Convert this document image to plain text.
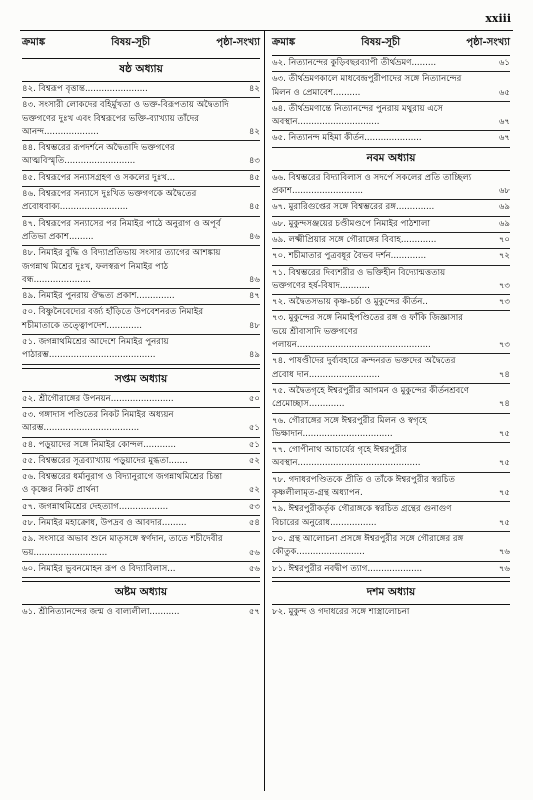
xxiii
ক্রমাঙ্ক	বিষয়-সূচী	পৃষ্ঠা-সংখ্যা
ষষ্ঠ অধ্যায়
৪২. বিশ্বরূপ বৃত্তান্ত.......................	৪২
৪৩. সংসারী লোকদের বহির্মুখতা ও ভক্ত-বিরূপতায় অদ্বৈতাদি ভক্তগণের দুঃখ এবং বিশ্বরূপের ভক্তি-ব্যাখ্যায় তাঁদের আনন্দ....................	৪২
৪৪. বিশ্বম্ভরের রূপদর্শনে অদ্বৈতাদি ভক্তগণের আত্মবিস্মৃতি..........................	৪৩
৪৫. বিশ্বরূপের সন্যাসগ্রহণ ও সকলের দুঃখ...	৪৫
৪৬. বিশ্বরূপের সন্যাসে দুঃখিত ভক্তগণকে অদ্বৈতের প্রবোধবাক্য.........................	৪৫
৪৭. বিশ্বরূপের সন্যাসের পর নিমাইর পাঠে অনুরাগ ও অপূর্ব প্রতিভা প্রকাশ.........	৪৬
৪৮. নিমাইর বুদ্ধি ও বিদ্যাপ্রতিভায় সংসার ত্যাগের আশঙ্কায় জগন্নাথ মিশ্রের দুঃখ, ফলস্বরূপ নিমাইর পাঠ বন্ধ.....................	৪৬
৪৯. নিমাইর পুনরায় ঔদ্ধত্য প্রকাশ..............	৪৭
৫০. বিষ্ণুনৈবেদ্যের বর্জ্য হাঁড়িতে উপবেশনরত নিমাইর শচীমাতাকে তত্ত্বোপদেশ.............	৪৮
৫১. জগন্নাথমিশ্রের আদেশে নিমাইর পুনরায় পাঠারম্ভ.......................................	৪৯
সপ্তম অধ্যায়
৫২. শ্রীগৌরাঙ্গের উপনয়ন.......................	৫০
৫৩. গঙ্গাদাস পণ্ডিতের নিকট নিমাইর অধ্যয়ন আরম্ভ...................................	৫১
৫৪. পড়ুয়াদের সঙ্গে নিমাইর কোন্দল............	৫১
৫৫. বিশ্বম্ভরের সূত্রব্যাখ্যায় পড়ুয়াদের মুগ্ধতা.......	৫২
৫৬. বিশ্বম্ভরের ধর্মানুরাগ ও বিদ্যানুরাগে জগন্নাথমিশ্রের চিন্তা ও কৃষ্ণের নিকট প্রার্থনা	৫২
৫৭. জগন্নাথমিশ্রের দেহত্যাগ..................	৫৩
৫৮. নিমাইর মহাক্রোধ, উপদ্রব ও আবদার.........	৫৪
৫৯. সংসারে অভাব শুনে মাতৃসঙ্গে স্বর্ণদান, তাতে শচীদেবীর ভয়...........................	৫৬
৬০. নিমাইর ভুবনমোহন রূপ ও বিদ্যাবিলাস...	৫৬
অষ্টম অধ্যায়
৬১. শ্রীনিত্যানন্দের জন্ম ও বাল্যলীলা...........	৫৭
ক্রমাঙ্ক	বিষয়-সূচী	পৃষ্ঠা-সংখ্যা
৬২. নিত্যানন্দের কুড়িবছরব্যাপী তীর্থভ্রমণ.........	৬১
৬৩. তীর্থভ্রমণকালে মাধবেন্দ্রপুরীপাদের সঙ্গে নিত্যানন্দের মিলন ও প্রেমাবেশ..........	৬৫
৬৪. তীর্থভ্রমণান্তে নিত্যানন্দের পুনরায় মথুরায় এসে অবস্থান..............................	৬৭
৬৫. নিত্যানন্দ মহিমা কীর্তন.....................	৬৭
নবম অধ্যায়
৬৬. বিশ্বম্ভরের বিদ্যাবিলাস ও সদর্পে সকলের প্রতি তাচ্ছিল্য প্রকাশ..........................	৬৮
৬৭. মুরারিগুপ্তের সঙ্গে বিশ্বম্ভরের রঙ্গ..............	৬৯
৬৮. মুকুন্দসঞ্জয়ের চণ্ডীমণ্ডপে নিমাইর পাঠশালা	৬৯
৬৯. লক্ষ্মীপ্রিয়ার সঙ্গে গৌরাঙ্গের বিবাহ.............	৭০
৭০. শচীমাতার পুত্রবধূর বৈভব দর্শন.............	৭২
৭১. বিশ্বম্ভরের দিব্যশরীর ও ভক্তিহীন বিদ্যোন্মত্ততায় ভক্তগণের হর্ষ-বিষাদ...........	৭৩
৭২. অদ্বৈতসভায় কৃষ্ণ-চর্চা ও মুকুন্দের কীর্তন..	৭৩
৭৩. মুকুন্দের সঙ্গে নিমাইপণ্ডিতের রঙ্গ ও ফাঁকি জিজ্ঞাসার ভয়ে শ্রীবাসাদি ভক্তগণের পলায়ন.................................................	৭৩
৭৪. পাষণ্ডীদের দুর্ব্যবহারে ক্রন্দনরত ভক্তদের অদ্বৈতের প্রবোধ দান..........................	৭৪
৭৫. অদ্বৈতগৃহে ঈশ্বরপুরীর আগমন ও মুকুন্দের কীর্তনশ্রবণে প্রেমোচ্ছাস.............	৭৪
৭৬. গৌরাঙ্গের সঙ্গে ঈশ্বরপুরীর মিলন ও স্বগৃহে ভিক্ষাদান.................................	৭৫
৭৭. গোপীনাথ আচার্যের গৃহে ঈশ্বরপুরীর অবস্থান.............................................	৭৫
৭৮. গদাধরপণ্ডিতকে প্রীতি ও তাঁকে ঈশ্বরপুরীর স্বরচিত কৃষ্ণলীলামৃত-গ্রন্থ অধ্যাপন.	৭৫
৭৯. ঈশ্বরপুরীকর্তৃক গৌরাঙ্গকে স্বরচিত গ্রন্থের গুনাগুণ বিচারের অনুরোধ.................	৭৫
৮০. গ্রন্থ আলোচনা প্রসঙ্গে ঈশ্বরপুরীর সঙ্গে গৌরাঙ্গের রঙ্গ কৌতুক.........................	৭৬
৮১. ঈশ্বরপুরীর নবদ্বীপ ত্যাগ....................	৭৬
দশম অধ্যায়
৮২. মুকুন্দ ও গদাধরের সঙ্গে শাস্ত্রালোচনা
